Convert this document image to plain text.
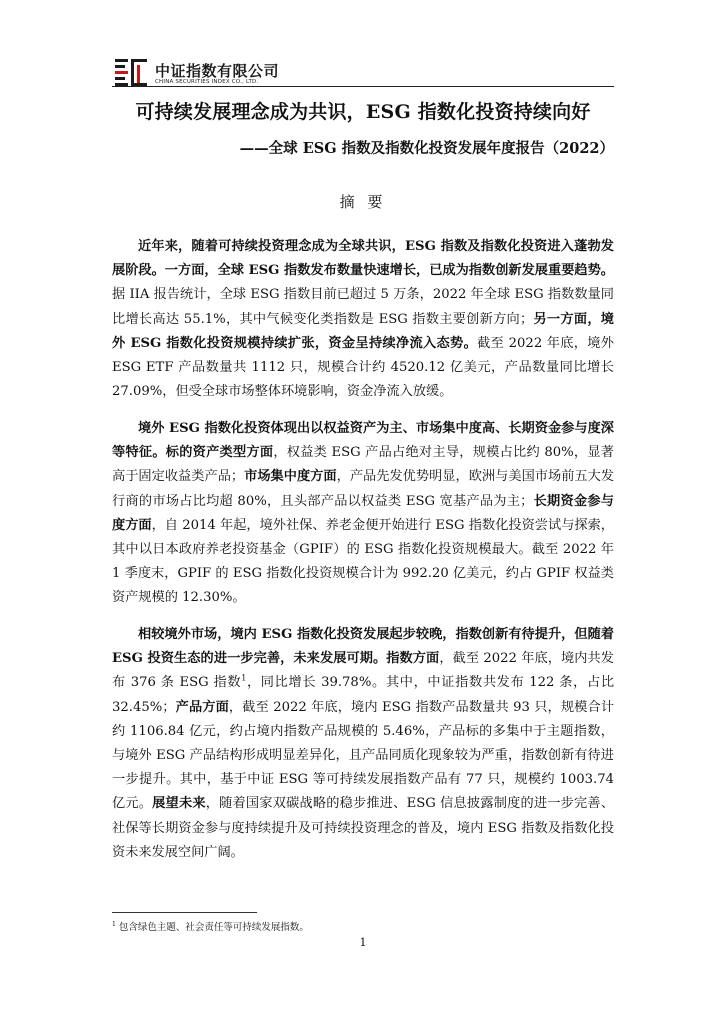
中证指数有限公司
CHINA SECURITIES INDEX CO., LTD.
可持续发展理念成为共识，ESG 指数化投资持续向好
——全球 ESG 指数及指数化投资发展年度报告（2022）
摘 要

近年来，随着可持续投资理念成为全球共识，ESG 指数及指数化投资进入蓬勃发展阶段。一方面，全球 ESG 指数发布数量快速增长，已成为指数创新发展重要趋势。据 IIA 报告统计，全球 ESG 指数目前已超过 5 万条，2022 年全球 ESG 指数数量同比增长高达 55.1%，其中气候变化类指数是 ESG 指数主要创新方向；另一方面，境外 ESG 指数化投资规模持续扩张，资金呈持续净流入态势。截至 2022 年底，境外 ESG ETF 产品数量共 1112 只，规模合计约 4520.12 亿美元，产品数量同比增长 27.09%，但受全球市场整体环境影响，资金净流入放缓。

境外 ESG 指数化投资体现出以权益资产为主、市场集中度高、长期资金参与度深等特征。标的资产类型方面，权益类 ESG 产品占绝对主导，规模占比约 80%，显著高于固定收益类产品；市场集中度方面，产品先发优势明显，欧洲与美国市场前五大发行商的市场占比均超 80%，且头部产品以权益类 ESG 宽基产品为主；长期资金参与度方面，自 2014 年起，境外社保、养老金便开始进行 ESG 指数化投资尝试与探索，其中以日本政府养老投资基金（GPIF）的 ESG 指数化投资规模最大。截至 2022 年 1 季度末，GPIF 的 ESG 指数化投资规模合计为 992.20 亿美元，约占 GPIF 权益类资产规模的 12.30%。

相较境外市场，境内 ESG 指数化投资发展起步较晚，指数创新有待提升，但随着 ESG 投资生态的进一步完善，未来发展可期。指数方面，截至 2022 年底，境内共发布 376 条 ESG 指数$^1$，同比增长 39.78%。其中，中证指数共发布 122 条，占比 32.45%；产品方面，截至 2022 年底，境内 ESG 指数产品数量共 93 只，规模合计约 1106.84 亿元，约占境内指数产品规模的 5.46%，产品标的多集中于主题指数，与境外 ESG 产品结构形成明显差异化，且产品同质化现象较为严重，指数创新有待进一步提升。其中，基于中证 ESG 等可持续发展指数产品有 77 只，规模约 1003.74 亿元。展望未来，随着国家双碳战略的稳步推进、ESG 信息披露制度的进一步完善、社保等长期资金参与度持续提升及可持续投资理念的普及，境内 ESG 指数及指数化投资未来发展空间广阔。

$^1$ 包含绿色主题、社会责任等可持续发展指数。
1
